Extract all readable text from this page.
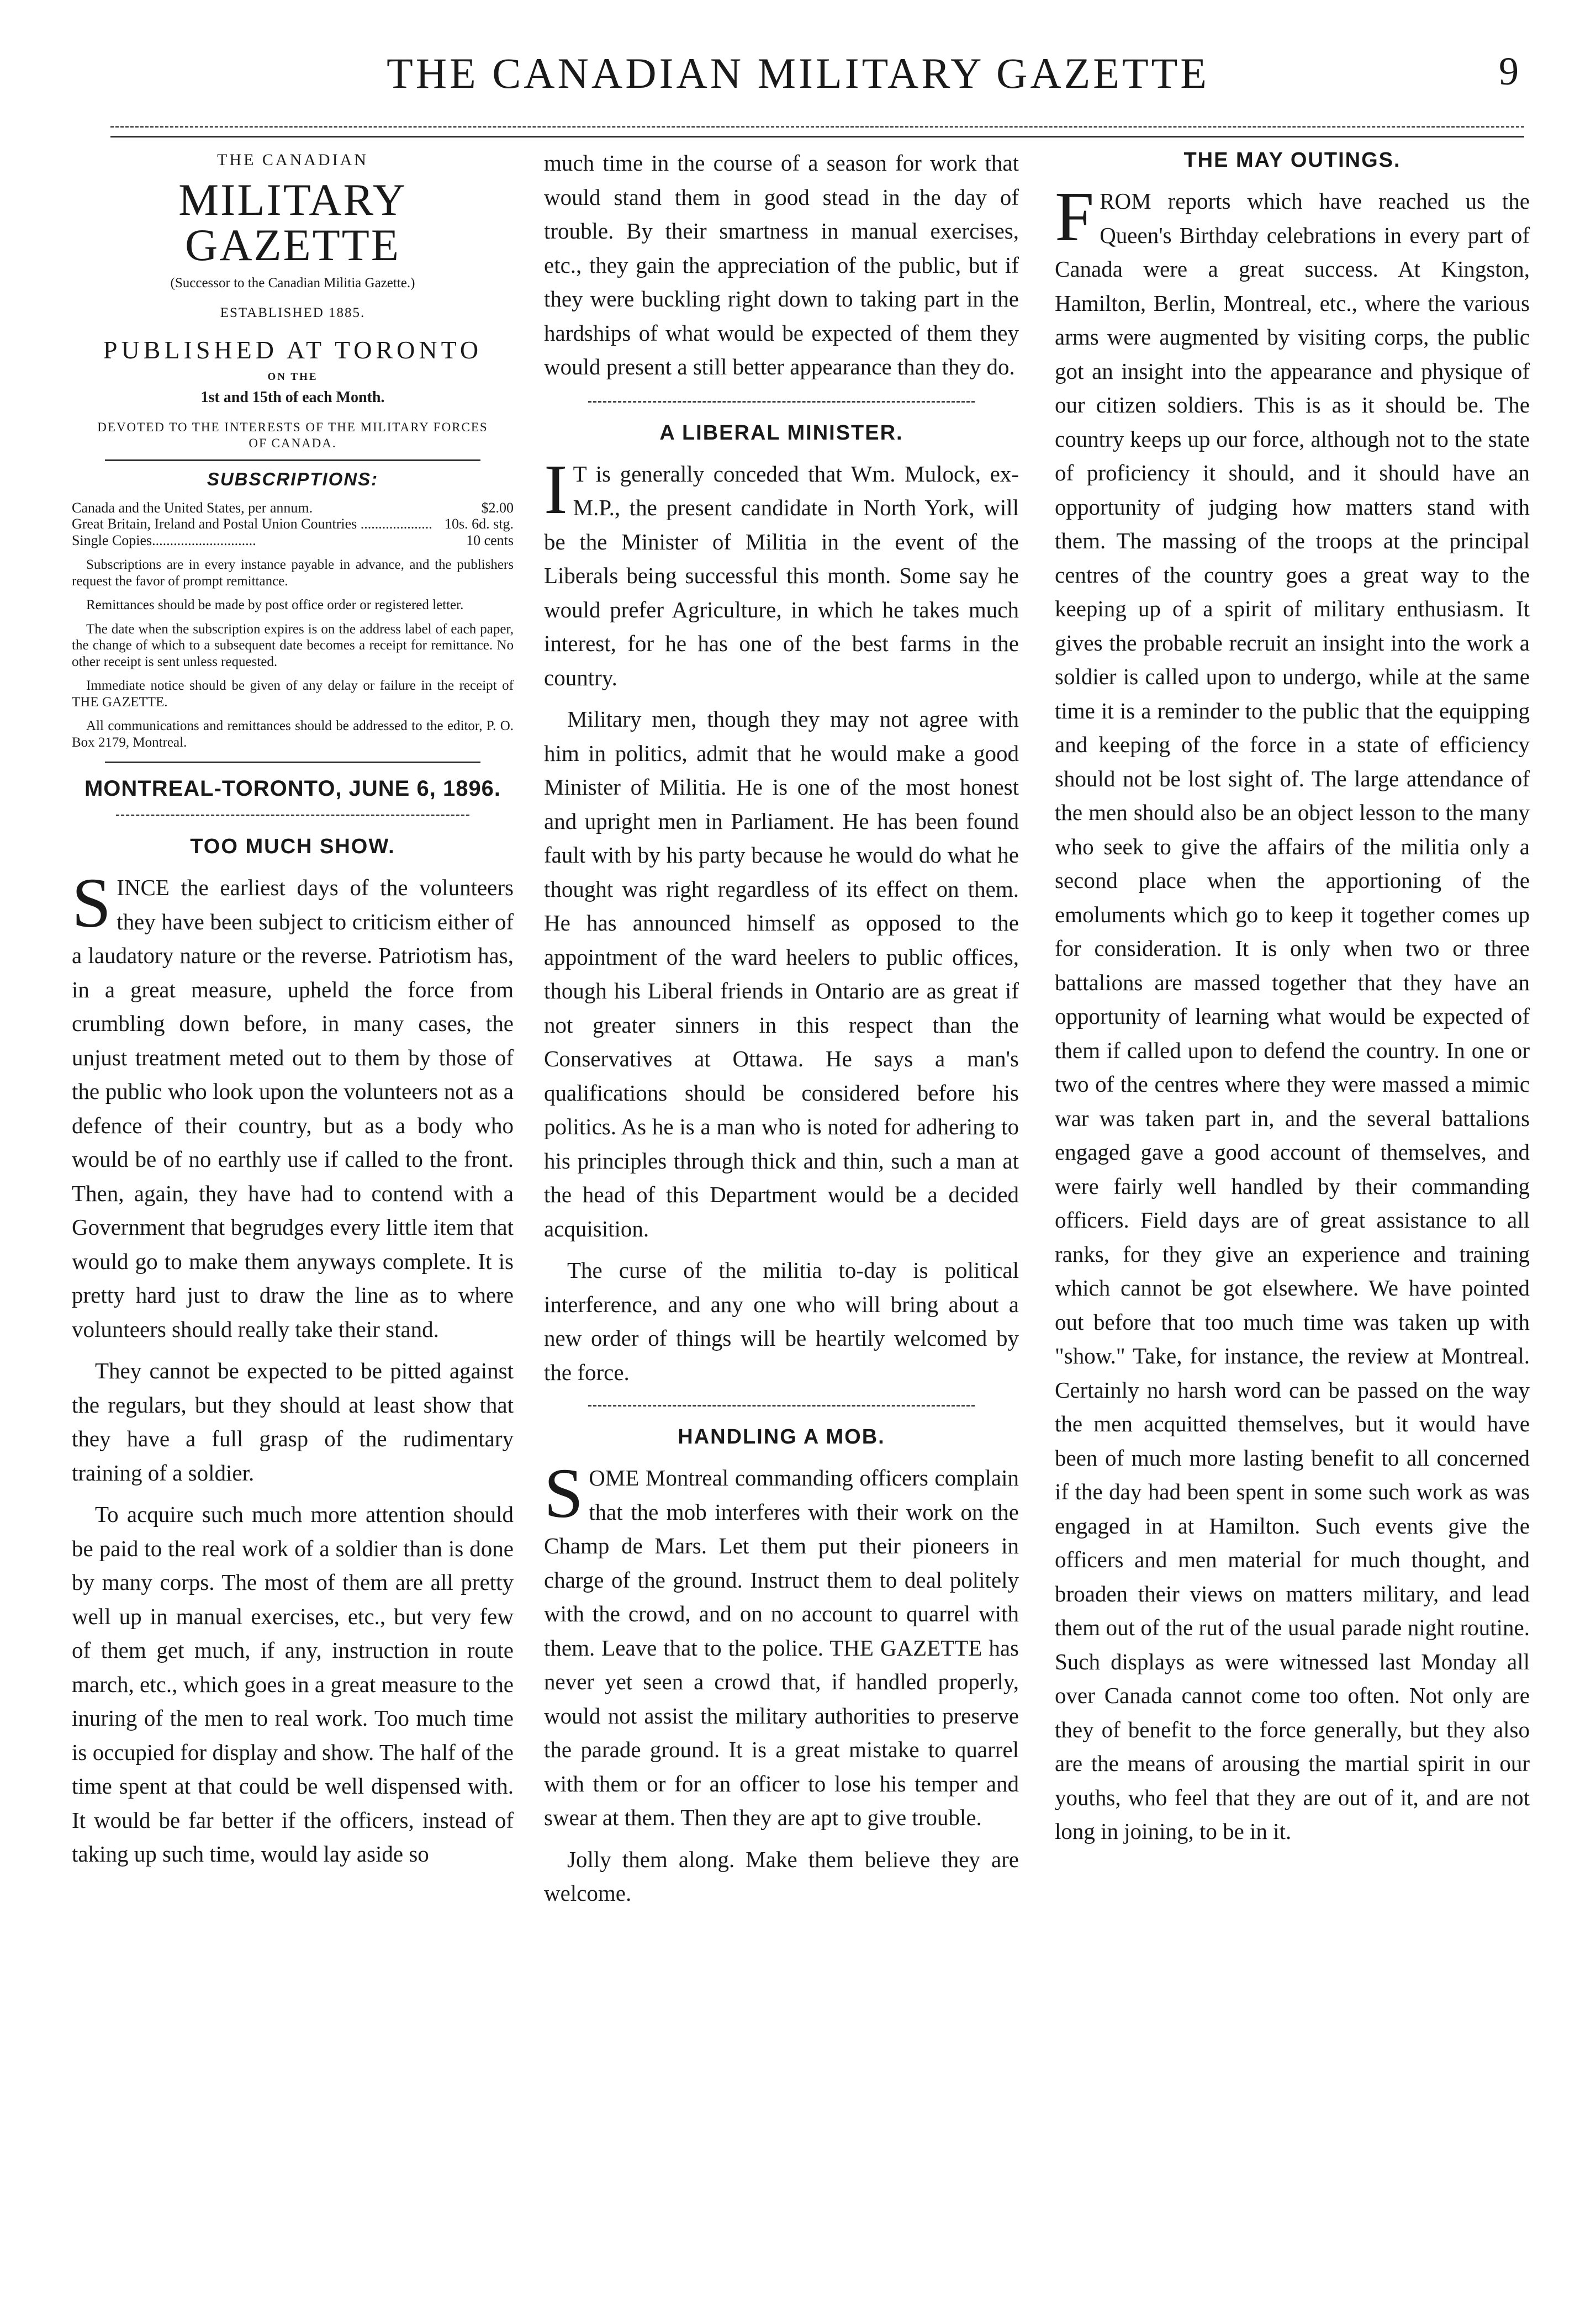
THE CANADIAN MILITARY GAZETTE	9
THE CANADIAN
MILITARY GAZETTE
(Successor to the Canadian Militia Gazette.)
ESTABLISHED 1885.
PUBLISHED AT TORONTO
ON THE
1st and 15th of each Month.
DEVOTED TO THE INTERESTS OF THE MILITARY FORCES OF CANADA.
SUBSCRIPTIONS:
Canada and the United States, per annum.	$2.00
Great Britain, Ireland and Postal Union Countries .................... 10s. 6d. stg.
Single Copies.............................	10 cents
Subscriptions are in every instance payable in advance, and the publishers request the favor of prompt remittance.
Remittances should be made by post office order or registered letter.
The date when the subscription expires is on the address label of each paper, the change of which to a subsequent date becomes a receipt for remittance. No other receipt is sent unless requested.
Immediate notice should be given of any delay or failure in the receipt of THE GAZETTE.
All communications and remittances should be addressed to the editor, P. O. Box 2179, Montreal.
MONTREAL-TORONTO, JUNE 6, 1896.
TOO MUCH SHOW.

SINCE the earliest days of the volunteers they have been subject to criticism either of a laudatory nature or the reverse. Patriotism has, in a great measure, upheld the force from crumbling down before, in many cases, the unjust treatment meted out to them by those of the public who look upon the volunteers not as a defence of their country, but as a body who would be of no earthly use if called to the front. Then, again, they have had to contend with a Government that begrudges every little item that would go to make them anyways complete. It is pretty hard just to draw the line as to where volunteers should really take their stand.

They cannot be expected to be pitted against the regulars, but they should at least show that they have a full grasp of the rudimentary training of a soldier.

To acquire such much more attention should be paid to the real work of a soldier than is done by many corps. The most of them are all pretty well up in manual exercises, etc., but very few of them get much, if any, instruction in route march, etc., which goes in a great measure to the inuring of the men to real work. Too much time is occupied for display and show. The half of the time spent at that could be well dispensed with. It would be far better if the officers, instead of taking up such time, would lay aside so

much time in the course of a season for work that would stand them in good stead in the day of trouble. By their smartness in manual exercises, etc., they gain the appreciation of the public, but if they were buckling right down to taking part in the hardships of what would be expected of them they would present a still better appearance than they do.

A LIBERAL MINISTER.

I T is generally conceded that Wm. Mulock, ex-M.P., the present candidate in North York, will be the Minister of Militia in the event of the Liberals being successful this month. Some say he would prefer Agriculture, in which he takes much interest, for he has one of the best farms in the country.

Military men, though they may not agree with him in politics, admit that he would make a good Minister of Militia. He is one of the most honest and upright men in Parliament. He has been found fault with by his party because he would do what he thought was right regardless of its effect on them. He has announced himself as opposed to the appointment of the ward heelers to public offices, though his Liberal friends in Ontario are as great if not greater sinners in this respect than the Conservatives at Ottawa. He says a man's qualifications should be considered before his politics. As he is a man who is noted for adhering to his principles through thick and thin, such a man at the head of this Department would be a decided acquisition.

The curse of the militia to-day is political interference, and any one who will bring about a new order of things will be heartily welcomed by the force.

HANDLING A MOB.

SOME Montreal commanding officers complain that the mob interferes with their work on the Champ de Mars. Let them put their pioneers in charge of the ground. Instruct them to deal politely with the crowd, and on no account to quarrel with them. Leave that to the police. THE GAZETTE has never yet seen a crowd that, if handled properly, would not assist the military authorities to preserve the parade ground. It is a great mistake to quarrel with them or for an officer to lose his temper and swear at them. Then they are apt to give trouble.

Jolly them along. Make them believe they are welcome.

THE MAY OUTINGS.

FROM reports which have reached us the Queen's Birthday celebrations in every part of Canada were a great success. At Kingston, Hamilton, Berlin, Montreal, etc., where the various arms were augmented by visiting corps, the public got an insight into the appearance and physique of our citizen soldiers. This is as it should be. The country keeps up our force, although not to the state of proficiency it should, and it should have an opportunity of judging how matters stand with them. The massing of the troops at the principal centres of the country goes a great way to the keeping up of a spirit of military enthusiasm. It gives the probable recruit an insight into the work a soldier is called upon to undergo, while at the same time it is a reminder to the public that the equipping and keeping of the force in a state of efficiency should not be lost sight of. The large attendance of the men should also be an object lesson to the many who seek to give the affairs of the militia only a second place when the apportioning of the emoluments which go to keep it together comes up for consideration. It is only when two or three battalions are massed together that they have an opportunity of learning what would be expected of them if called upon to defend the country. In one or two of the centres where they were massed a mimic war was taken part in, and the several battalions engaged gave a good account of themselves, and were fairly well handled by their commanding officers. Field days are of great assistance to all ranks, for they give an experience and training which cannot be got elsewhere. We have pointed out before that too much time was taken up with "show." Take, for instance, the review at Montreal. Certainly no harsh word can be passed on the way the men acquitted themselves, but it would have been of much more lasting benefit to all concerned if the day had been spent in some such work as was engaged in at Hamilton. Such events give the officers and men material for much thought, and broaden their views on matters military, and lead them out of the rut of the usual parade night routine. Such displays as were witnessed last Monday all over Canada cannot come too often. Not only are they of benefit to the force generally, but they also are the means of arousing the martial spirit in our youths, who feel that they are out of it, and are not long in joining, to be in it.
